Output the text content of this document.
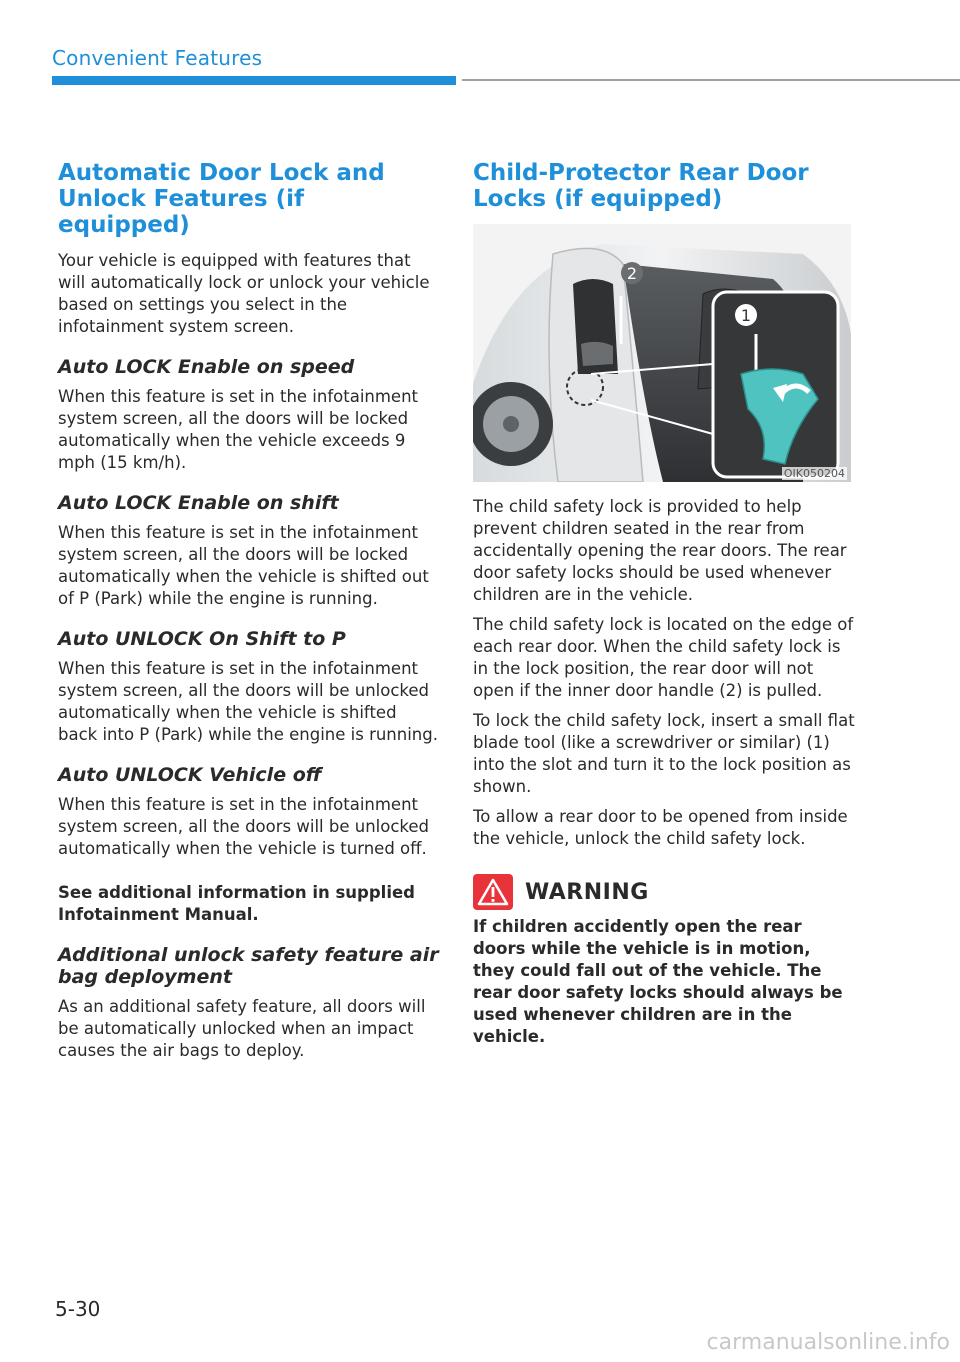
Convenient Features
Automatic Door Lock and Unlock Features (if equipped)

Your vehicle is equipped with features that will automatically lock or unlock your vehicle based on settings you select in the infotainment system screen.

Auto LOCK Enable on speed

When this feature is set in the infotainment system screen, all the doors will be locked automatically when the vehicle exceeds 9 mph (15 km/h).

Auto LOCK Enable on shift

When this feature is set in the infotainment system screen, all the doors will be locked automatically when the vehicle is shifted out of P (Park) while the engine is running.

Auto UNLOCK On Shift to P

When this feature is set in the infotainment system screen, all the doors will be unlocked automatically when the vehicle is shifted back into P (Park) while the engine is running.

Auto UNLOCK Vehicle off

When this feature is set in the infotainment system screen, all the doors will be unlocked automatically when the vehicle is turned off.

See additional information in supplied Infotainment Manual.

Additional unlock safety feature air bag deployment

As an additional safety feature, all doors will be automatically unlocked when an impact causes the air bags to deploy.

Child-Protector Rear Door Locks (if equipped)
2
1
OIK050204

The child safety lock is provided to help prevent children seated in the rear from accidentally opening the rear doors. The rear door safety locks should be used whenever children are in the vehicle.

The child safety lock is located on the edge of each rear door. When the child safety lock is in the lock position, the rear door will not open if the inner door handle (2) is pulled.

To lock the child safety lock, insert a small flat blade tool (like a screwdriver or similar) (1) into the slot and turn it to the lock position as shown.

To allow a rear door to be opened from inside the vehicle, unlock the child safety lock.

WARNING

If children accidently open the rear doors while the vehicle is in motion, they could fall out of the vehicle. The rear door safety locks should always be used whenever children are in the vehicle.

5-30
carmanualsonline.info
